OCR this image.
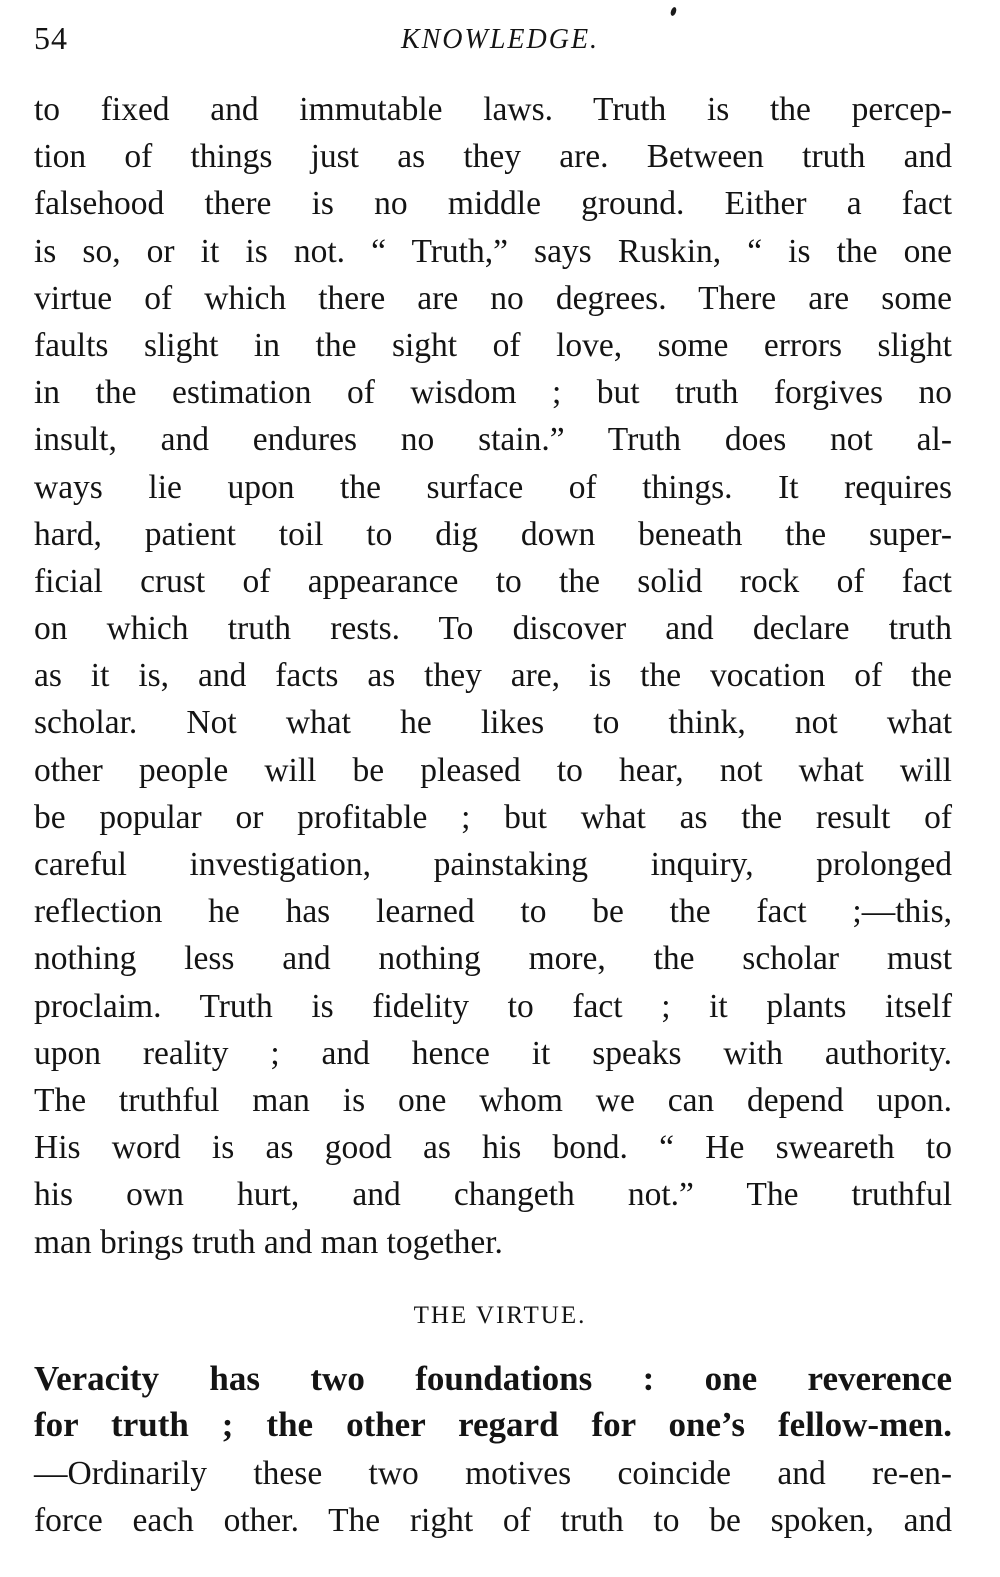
54	KNOWLEDGE.
to fixed and immutable laws. Truth is the percep-
tion of things just as they are. Between truth and
falsehood there is no middle ground. Either a fact
is so, or it is not. “ Truth,” says Ruskin, “ is the one
virtue of which there are no degrees. There are some
faults slight in the sight of love, some errors slight
in the estimation of wisdom ; but truth forgives no
insult, and endures no stain.” Truth does not al-
ways lie upon the surface of things. It requires
hard, patient toil to dig down beneath the super-
ficial crust of appearance to the solid rock of fact
on which truth rests. To discover and declare truth
as it is, and facts as they are, is the vocation of the
scholar. Not what he likes to think, not what
other people will be pleased to hear, not what will
be popular or profitable ; but what as the result of
careful investigation, painstaking inquiry, prolonged
reflection he has learned to be the fact ;—this,
nothing less and nothing more, the scholar must
proclaim. Truth is fidelity to fact ; it plants itself
upon reality ; and hence it speaks with authority.
The truthful man is one whom we can depend upon.
His word is as good as his bond. “ He sweareth to
his own hurt, and changeth not.” The truthful
man brings truth and man together.
THE VIRTUE.
Veracity has two foundations : one reverence
for truth ; the other regard for one’s fellow-men.
—Ordinarily these two motives coincide and re-en-
force each other. The right of truth to be spoken, and
